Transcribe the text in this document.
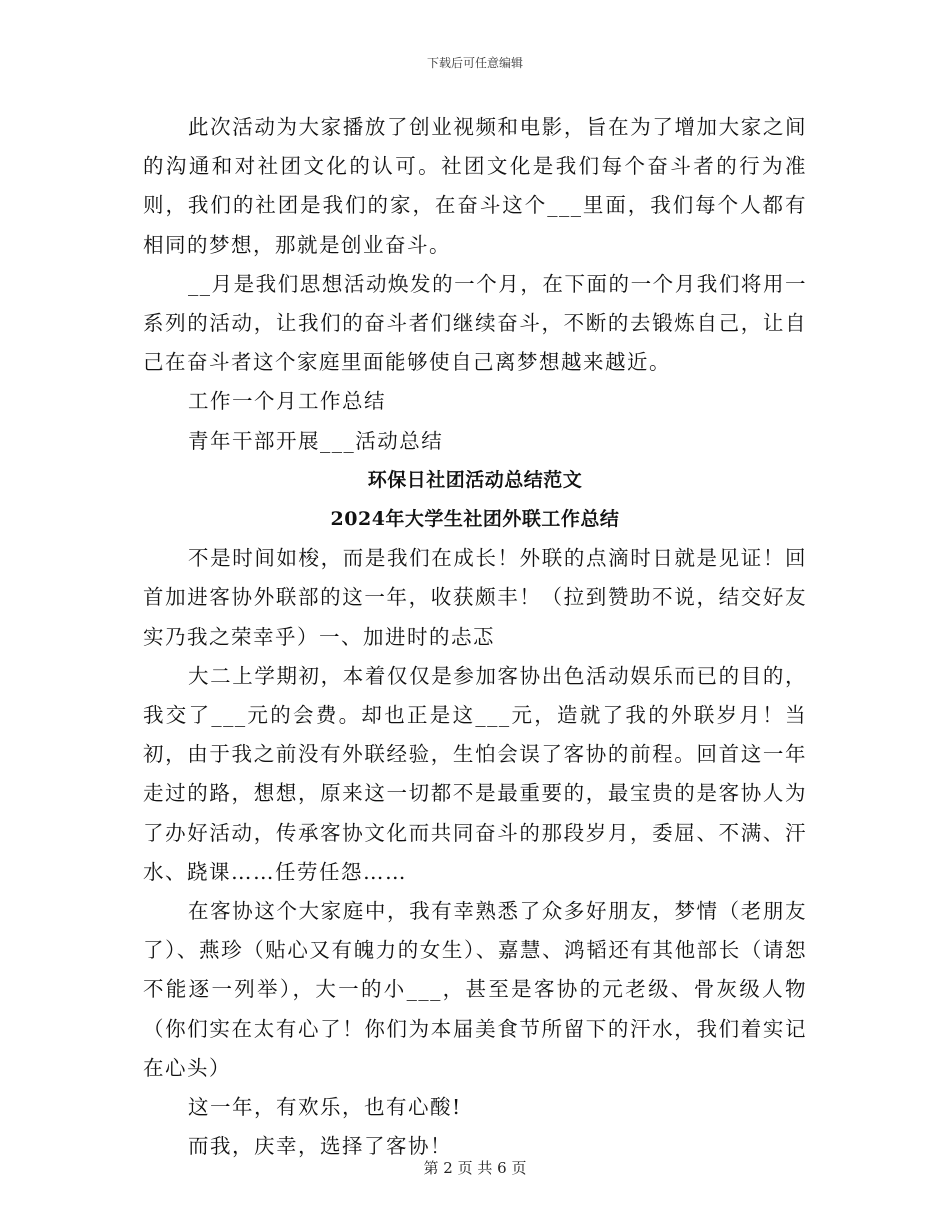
下载后可任意编辑

此次活动为大家播放了创业视频和电影，旨在为了增加大家之间的沟通和对社团文化的认可。社团文化是我们每个奋斗者的行为准则，我们的社团是我们的家，在奋斗这个___里面，我们每个人都有相同的梦想，那就是创业奋斗。

__月是我们思想活动焕发的一个月，在下面的一个月我们将用一系列的活动，让我们的奋斗者们继续奋斗，不断的去锻炼自己，让自己在奋斗者这个家庭里面能够使自己离梦想越来越近。

工作一个月工作总结

青年干部开展___活动总结

环保日社团活动总结范文
2024年大学生社团外联工作总结

不是时间如梭，而是我们在成长！外联的点滴时日就是见证！回首加进客协外联部的这一年，收获颇丰！（拉到赞助不说，结交好友实乃我之荣幸乎）一、加进时的忐忑

大二上学期初，本着仅仅是参加客协出色活动娱乐而已的目的，我交了___元的会费。却也正是这___元，造就了我的外联岁月！当初，由于我之前没有外联经验，生怕会误了客协的前程。回首这一年走过的路，想想，原来这一切都不是最重要的，最宝贵的是客协人为了办好活动，传承客协文化而共同奋斗的那段岁月，委屈、不满、汗水、跷课……任劳任怨……

在客协这个大家庭中，我有幸熟悉了众多好朋友，梦情（老朋友了）、燕珍（贴心又有魄力的女生）、嘉慧、鸿韬还有其他部长（请恕不能逐一列举），大一的小___，甚至是客协的元老级、骨灰级人物（你们实在太有心了！你们为本届美食节所留下的汗水，我们着实记在心头）

这一年，有欢乐，也有心酸!

而我，庆幸，选择了客协！

第 2 页 共 6 页
